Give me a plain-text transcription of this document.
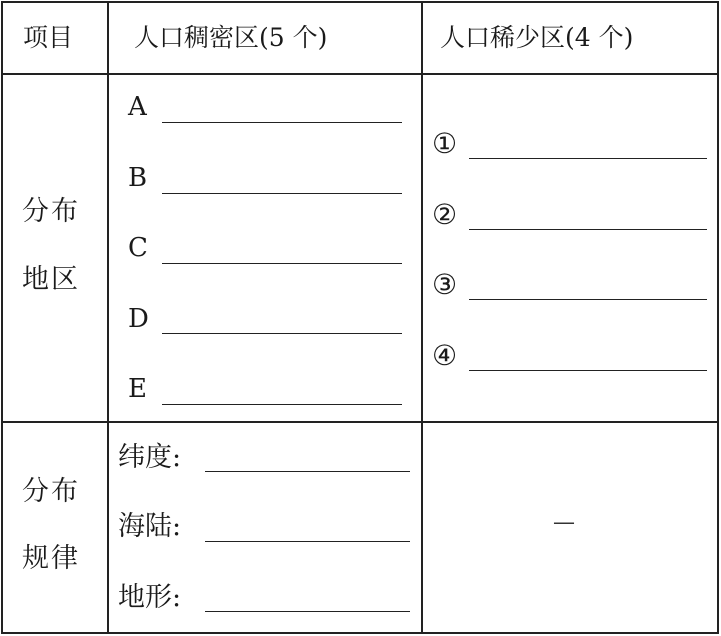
项目 人口稠密区(5 个)	人口稀少区(4 个)
分布
地区
A
B
C
D
E
①
②
③
④
分布
规律
纬度:
海陆:
地形:
—
